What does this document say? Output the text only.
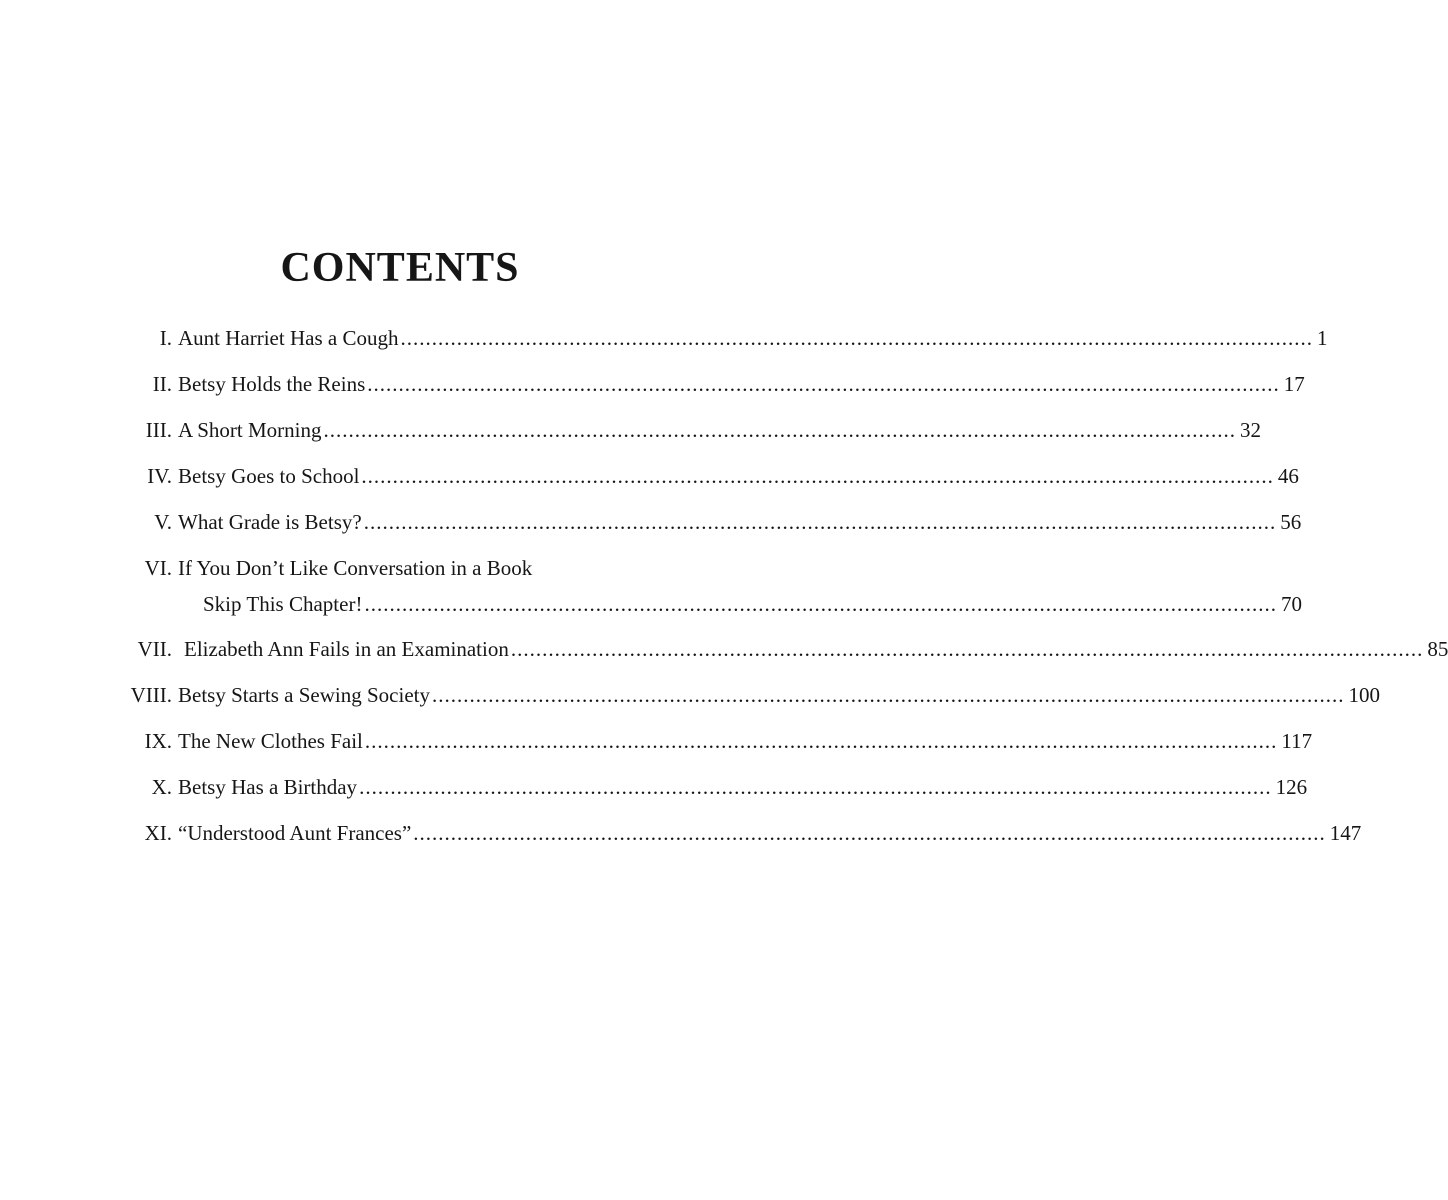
CONTENTS
I. Aunt Harriet Has a Cough .................................................................................................................................................. 1
II. Betsy Holds the Reins .................................................................................................................................................. 17
III. A Short Morning .................................................................................................................................................. 32
IV. Betsy Goes to School .................................................................................................................................................. 46
V. What Grade is Betsy? .................................................................................................................................................. 56
VI. If You Don’t Like Conversation in a Book
Skip This Chapter! .................................................................................................................................................. 70
VII. Elizabeth Ann Fails in an Examination .................................................................................................................................................. 85
VIII. Betsy Starts a Sewing Society .................................................................................................................................................. 100
IX. The New Clothes Fail .................................................................................................................................................. 117
X. Betsy Has a Birthday .................................................................................................................................................. 126
XI. “Understood Aunt Frances” .................................................................................................................................................. 147
